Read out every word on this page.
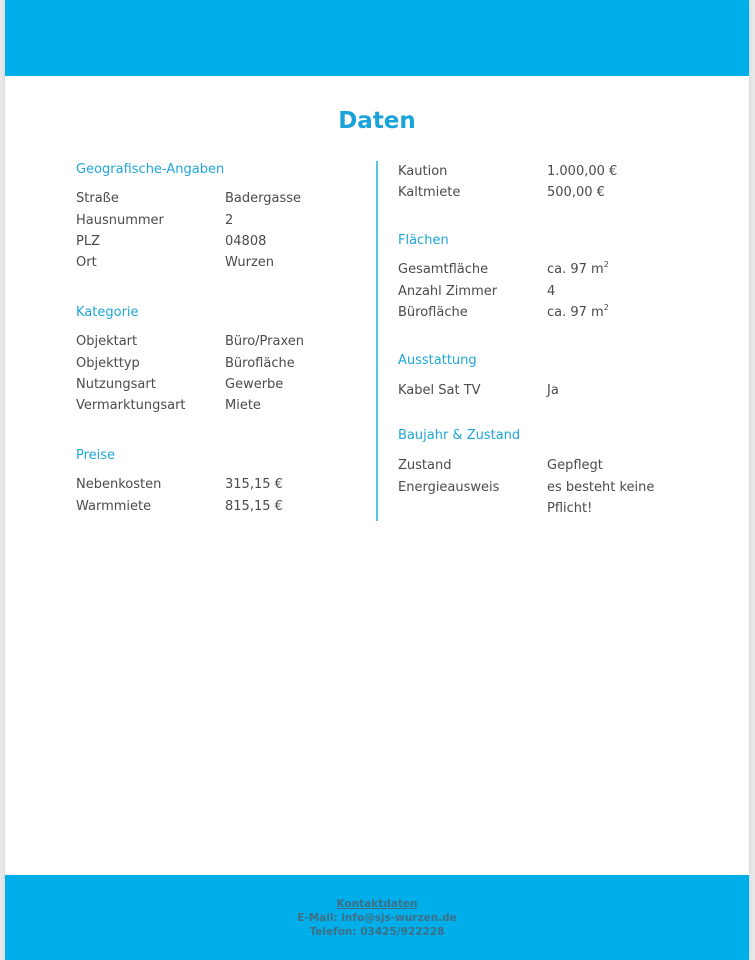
Daten
Geografische-Angaben
Straße	Badergasse
Hausnummer	2
PLZ	04808
Ort	Wurzen
Kategorie
Objektart	Büro/Praxen
Objekttyp	Bürofläche
Nutzungsart	Gewerbe
Vermarktungsart	Miete
Preise
Nebenkosten	315,15 €
Warmmiete	815,15 €
Kaution	1.000,00 €
Kaltmiete	500,00 €
Flächen
Gesamtfläche	ca. 97 $m^2$
Anzahl Zimmer	4
Bürofläche	ca. 97 $m^2$
Ausstattung
Kabel Sat TV	Ja
Baujahr & Zustand
Zustand	Gepflegt
Energieausweis	es besteht keine
Pflicht!
Kontaktdaten
E-Mail: info@sjs-wurzen.de
Telefon: 03425/922228
